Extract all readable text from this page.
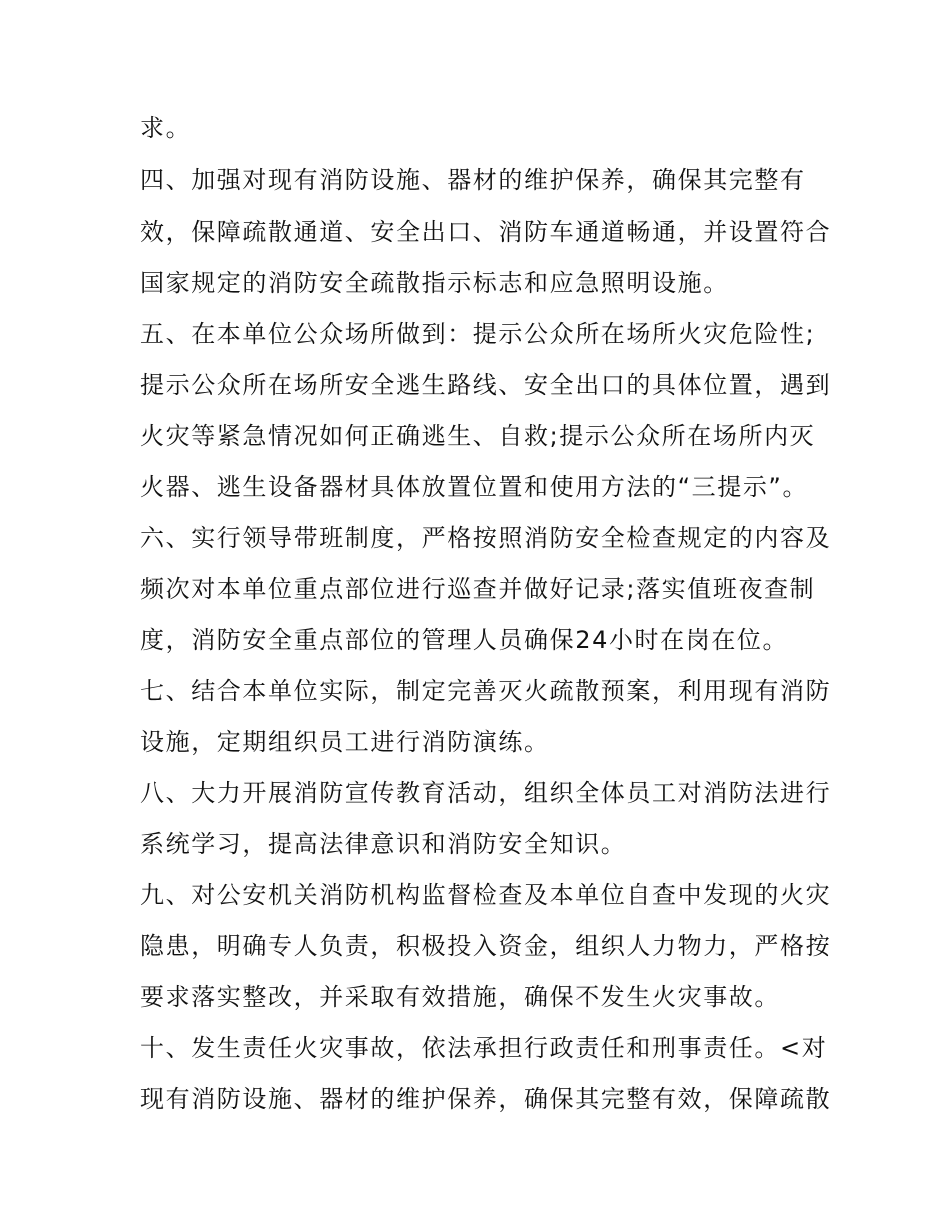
求。
四、加强对现有消防设施、器材的维护保养，确保其完整有
效，保障疏散通道、安全出口、消防车通道畅通，并设置符合
国家规定的消防安全疏散指示标志和应急照明设施。
五、在本单位公众场所做到：提示公众所在场所火灾危险性;
提示公众所在场所安全逃生路线、安全出口的具体位置，遇到
火灾等紧急情况如何正确逃生、自救;提示公众所在场所内灭
火器、逃生设备器材具体放置位置和使用方法的“三提示”。
六、实行领导带班制度，严格按照消防安全检查规定的内容及
频次对本单位重点部位进行巡查并做好记录;落实值班夜查制
度，消防安全重点部位的管理人员确保24小时在岗在位。
七、结合本单位实际，制定完善灭火疏散预案，利用现有消防
设施，定期组织员工进行消防演练。
八、大力开展消防宣传教育活动，组织全体员工对消防法进行
系统学习，提高法律意识和消防安全知识。
九、对公安机关消防机构监督检查及本单位自查中发现的火灾
隐患，明确专人负责，积极投入资金，组织人力物力，严格按
要求落实整改，并采取有效措施，确保不发生火灾事故。
十、发生责任火灾事故，依法承担行政责任和刑事责任。<对
现有消防设施、器材的维护保养，确保其完整有效，保障疏散
